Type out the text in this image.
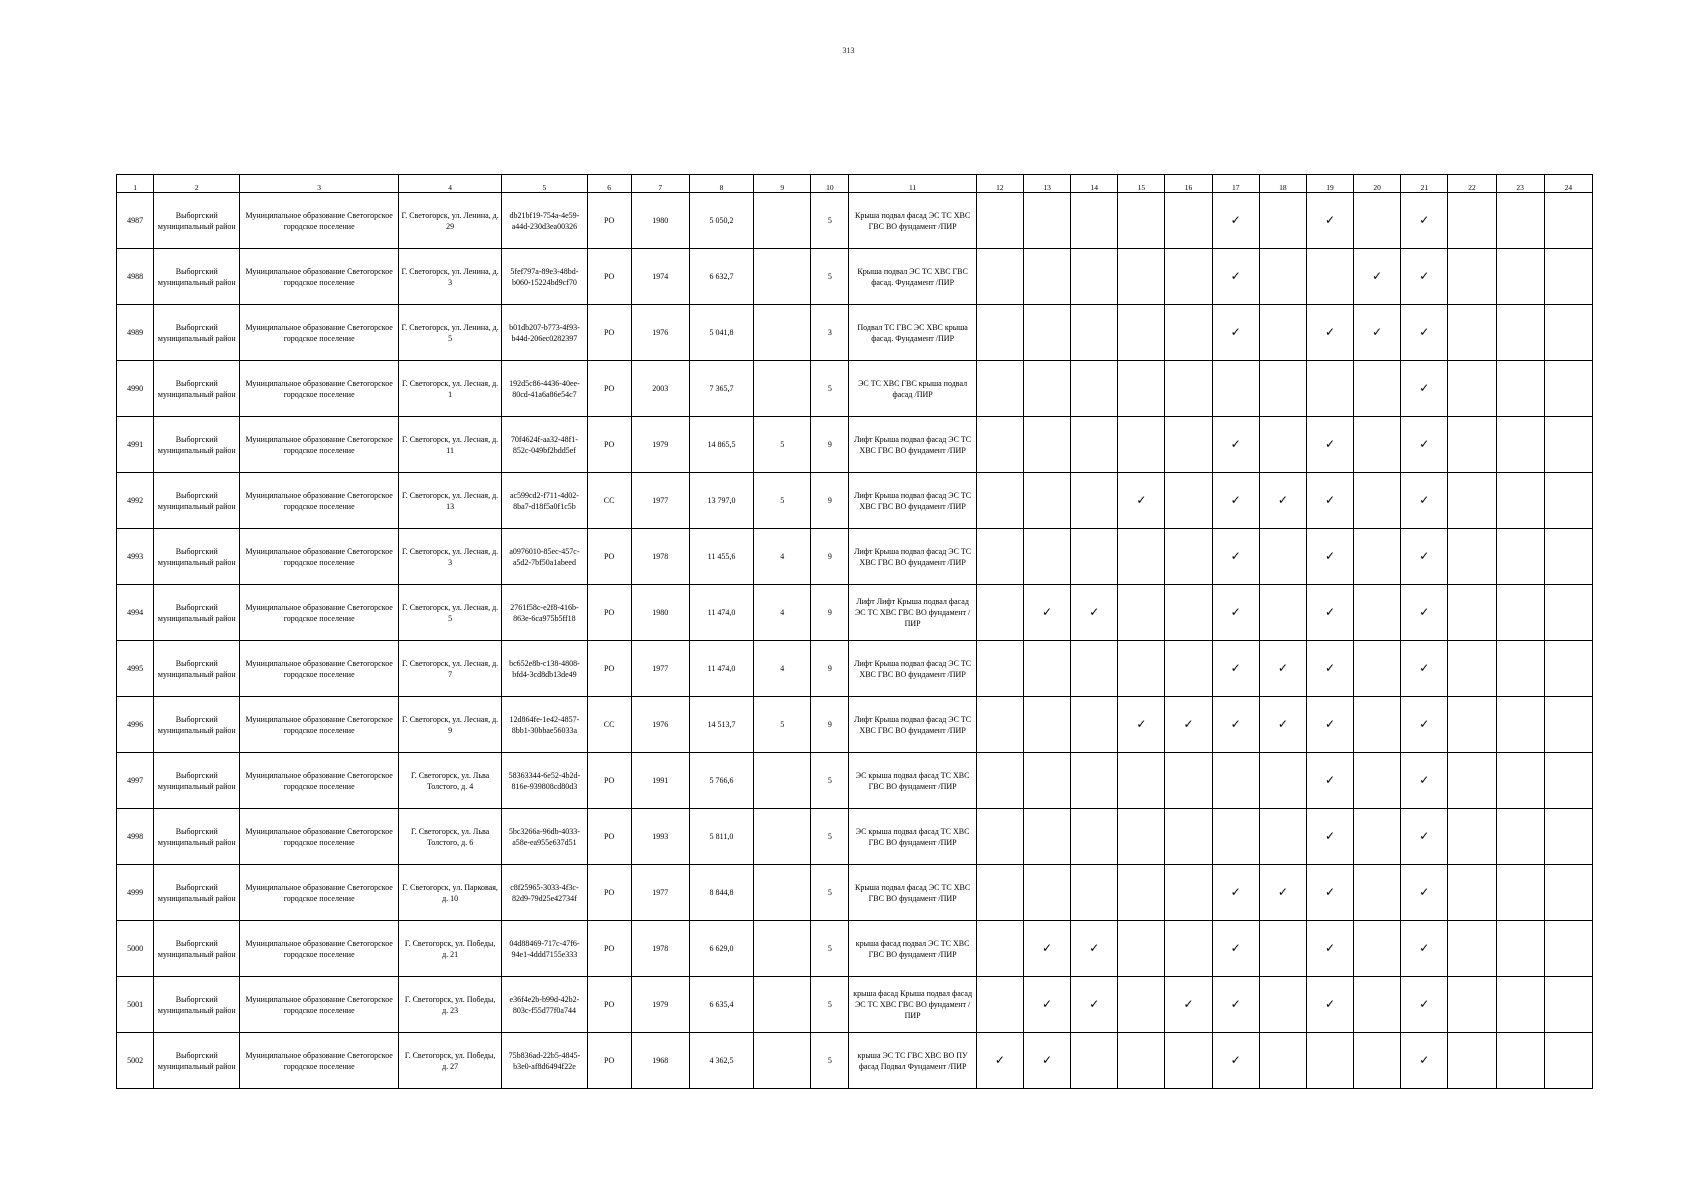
313
1	2	3	4	5	6	7	8	9	10	11	12	13	14	15	16	17	18	19	20	21	22	23	24
4987	Выборгский муниципальный район	Муниципальное образование Светогорское городское поселение	Г. Светогорск, ул. Ленина, д. 29	db21bf19-754a-4e59-a44d-230d3ea00326	РО	1980	5 050,2		5	Крыша подвал фасад ЭС ТС ХВС ГВС ВО фундамент /ПИР						✓		✓		✓			
4988	Выборгский муниципальный район	Муниципальное образование Светогорское городское поселение	Г. Светогорск, ул. Ленина, д. 3	5fef797a-89e3-48bd-b060-15224bd9cf70	РО	1974	6 632,7		5	Крыша подвал ЭС ТС ХВС ГВС фасад. Фундамент /ПИР						✓			✓	✓			
4989	Выборгский муниципальный район	Муниципальное образование Светогорское городское поселение	Г. Светогорск, ул. Ленина, д. 5	b01db207-b773-4f93-b44d-206ec0282397	РО	1976	5 041,8		3	Подвал ТС ГВС ЭС ХВС крыша фасад. Фундамент /ПИР						✓		✓	✓	✓			
4990	Выборгский муниципальный район	Муниципальное образование Светогорское городское поселение	Г. Светогорск, ул. Лесная, д. 1	192d5c86-4436-40ee-80cd-41a6a86e54c7	РО	2003	7 365,7		5	ЭС ТС ХВС ГВС крыша подвал фасад /ПИР										✓			
4991	Выборгский муниципальный район	Муниципальное образование Светогорское городское поселение	Г. Светогорск, ул. Лесная, д. 11	70f4624f-aa32-48f1-852c-049bf2bdd5ef	РО	1979	14 865,5	5	9	Лифт Крыша подвал фасад ЭС ТС ХВС ГВС ВО фундамент /ПИР						✓		✓		✓			
4992	Выборгский муниципальный район	Муниципальное образование Светогорское городское поселение	Г. Светогорск, ул. Лесная, д. 13	ac599cd2-f711-4d02-8ba7-d18f5a0f1c5b	СС	1977	13 797,0	5	9	Лифт Крыша подвал фасад ЭС ТС ХВС ГВС ВО фундамент /ПИР				✓		✓	✓	✓		✓			
4993	Выборгский муниципальный район	Муниципальное образование Светогорское городское поселение	Г. Светогорск, ул. Лесная, д. 3	a0976010-85ec-457c-a5d2-7bf50a1abeed	РО	1978	11 455,6	4	9	Лифт Крыша подвал фасад ЭС ТС ХВС ГВС ВО фундамент /ПИР						✓		✓		✓			
4994	Выборгский муниципальный район	Муниципальное образование Светогорское городское поселение	Г. Светогорск, ул. Лесная, д. 5	2761f58c-e2f8-416b-863e-6ca975b5ff18	РО	1980	11 474,0	4	9	Лифт Лифт Крыша подвал фасад ЭС ТС ХВС ГВС ВО фундамент /ПИР		✓	✓			✓		✓		✓			
4995	Выборгский муниципальный район	Муниципальное образование Светогорское городское поселение	Г. Светогорск, ул. Лесная, д. 7	bc652e8b-c138-4808-bfd4-3cd8db13de49	РО	1977	11 474,0	4	9	Лифт Крыша подвал фасад ЭС ТС ХВС ГВС ВО фундамент /ПИР						✓	✓	✓		✓			
4996	Выборгский муниципальный район	Муниципальное образование Светогорское городское поселение	Г. Светогорск, ул. Лесная, д. 9	12d864fe-1e42-4857-8bb1-30bbae56033a	СС	1976	14 513,7	5	9	Лифт Крыша подвал фасад ЭС ТС ХВС ГВС ВО фундамент /ПИР				✓	✓	✓	✓	✓		✓			
4997	Выборгский муниципальный район	Муниципальное образование Светогорское городское поселение	Г. Светогорск, ул. Льва Толстого, д. 4	58363344-6e52-4b2d-816e-939808cd80d3	РО	1991	5 766,6		5	ЭС крыша подвал фасад ТС ХВС ГВС ВО фундамент /ПИР								✓		✓			
4998	Выборгский муниципальный район	Муниципальное образование Светогорское городское поселение	Г. Светогорск, ул. Льва Толстого, д. 6	5bc3266a-96db-4033-a58e-ea955e637d51	РО	1993	5 811,0		5	ЭС крыша подвал фасад ТС ХВС ГВС ВО фундамент /ПИР								✓		✓			
4999	Выборгский муниципальный район	Муниципальное образование Светогорское городское поселение	Г. Светогорск, ул. Парковая, д. 10	c8f25965-3033-4f3c-82d9-79d25e42734f	РО	1977	8 844,8		5	Крыша подвал фасад ЭС ТС ХВС ГВС ВО фундамент /ПИР						✓	✓	✓		✓			
5000	Выборгский муниципальный район	Муниципальное образование Светогорское городское поселение	Г. Светогорск, ул. Победы, д. 21	04d88469-717c-47f6-94e1-4ddd7155e333	РО	1978	6 629,0		5	крыша фасад подвал ЭС ТС ХВС ГВС ВО фундамент /ПИР		✓	✓			✓		✓		✓			
5001	Выборгский муниципальный район	Муниципальное образование Светогорское городское поселение	Г. Светогорск, ул. Победы, д. 23	e36f4e2b-b99d-42b2-803c-f55d77f0a744	РО	1979	6 635,4		5	крыша фасад Крыша подвал фасад ЭС ТС ХВС ГВС ВО фундамент /ПИР		✓	✓		✓	✓		✓		✓			
5002	Выборгский муниципальный район	Муниципальное образование Светогорское городское поселение	Г. Светогорск, ул. Победы, д. 27	75b836ad-22b5-4845-b3e0-af8d6494f22e	РО	1968	4 362,5		5	крыша ЭС ТС ГВС ХВС ВО ПУ фасад Подвал Фундамент /ПИР	✓	✓				✓				✓			
